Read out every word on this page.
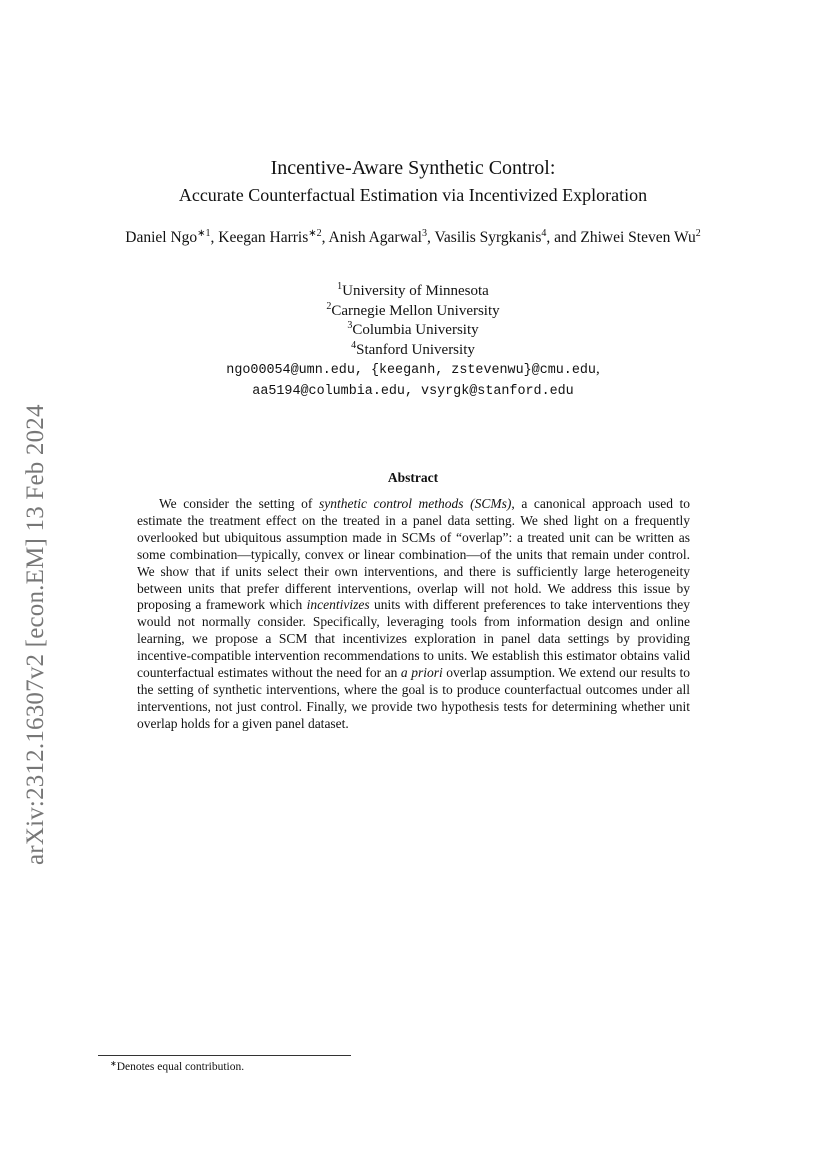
arXiv:2312.16307v2 [econ.EM] 13 Feb 2024
Incentive-Aware Synthetic Control:
Accurate Counterfactual Estimation via Incentivized Exploration
Daniel Ngo$^{∗1}$, Keegan Harris$^{∗2}$, Anish Agarwal$^3$, Vasilis Syrgkanis$^4$, and Zhiwei Steven Wu$^2$
$^1$University of Minnesota
$^2$Carnegie Mellon University
$^3$Columbia University
$^4$Stanford University
ngo00054@umn.edu, {keeganh, zstevenwu}@cmu.edu,
aa5194@columbia.edu, vsyrgk@stanford.edu
Abstract
We consider the setting of synthetic control methods (SCMs), a canonical approach used to estimate the treatment effect on the treated in a panel data setting. We shed light on a frequently overlooked but ubiquitous assumption made in SCMs of “overlap”: a treated unit can be written as some combination—typically, convex or linear combination—of the units that remain under control. We show that if units select their own interventions, and there is sufficiently large heterogeneity between units that prefer different interventions, overlap will not hold. We address this issue by proposing a framework which incentivizes units with different preferences to take interventions they would not normally consider. Specifically, leveraging tools from information design and online learning, we propose a SCM that incentivizes exploration in panel data settings by providing incentive-compatible intervention recommendations to units. We establish this estimator obtains valid counterfactual estimates without the need for an a priori overlap assumption. We extend our results to the setting of synthetic interventions, where the goal is to produce counterfactual outcomes under all interventions, not just control. Finally, we provide two hypothesis tests for determining whether unit overlap holds for a given panel dataset.
∗Denotes equal contribution.
